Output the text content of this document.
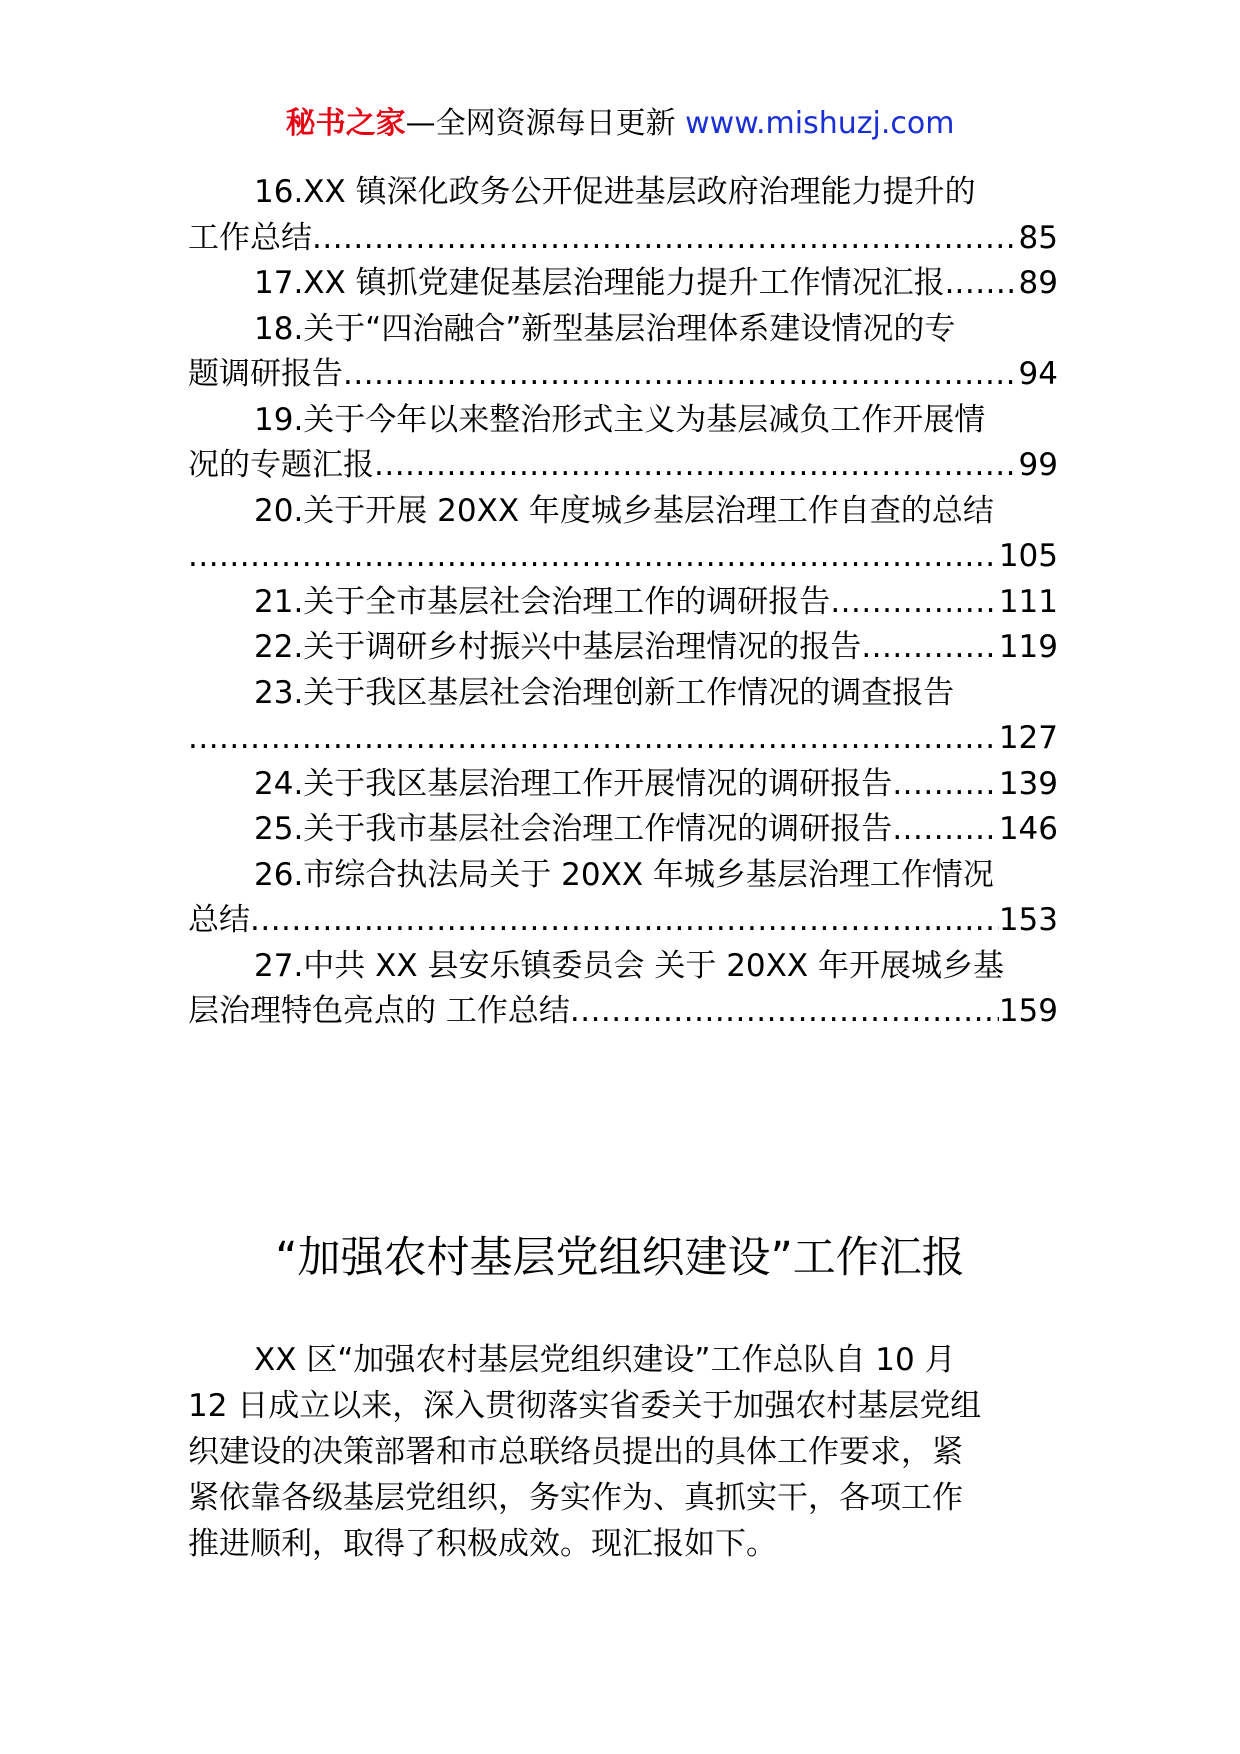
秘书之家—全网资源每日更新 www.mishuzj.com
16.XX 镇深化政务公开促进基层政府治理能力提升的
工作总结 .....	85
17.XX 镇抓党建促基层治理能力提升工作情况汇报. ..... 89
18.关于“四治融合”新型基层治理体系建设情况的专
题调研报告 .....	94
19.关于今年以来整治形式主义为基层减负工作开展情
况的专题汇报 .....	99
20.关于开展 20XX 年度城乡基层治理工作自查的总结
.....
105
21.关于全市基层社会治理工作的调研报告 .....	111
22.关于调研乡村振兴中基层治理情况的报告 .....	119
23.关于我区基层社会治理创新工作情况的调查报告
.....
127
24.关于我区基层治理工作开展情况的调研报告 .....	139
25.关于我市基层社会治理工作情况的调研报告 .....	146
26.市综合执法局关于 20XX 年城乡基层治理工作情况
总结 .....	153
27.中共 XX 县安乐镇委员会 关于 20XX 年开展城乡基
层治理特色亮点的 工作总结 .....	159
“加强农村基层党组织建设”工作汇报
XX 区“加强农村基层党组织建设”工作总队自 10 月
12 日成立以来，深入贯彻落实省委关于加强农村基层党组
织建设的决策部署和市总联络员提出的具体工作要求，紧
紧依靠各级基层党组织，务实作为、真抓实干，各项工作
推进顺利，取得了积极成效。现汇报如下。
